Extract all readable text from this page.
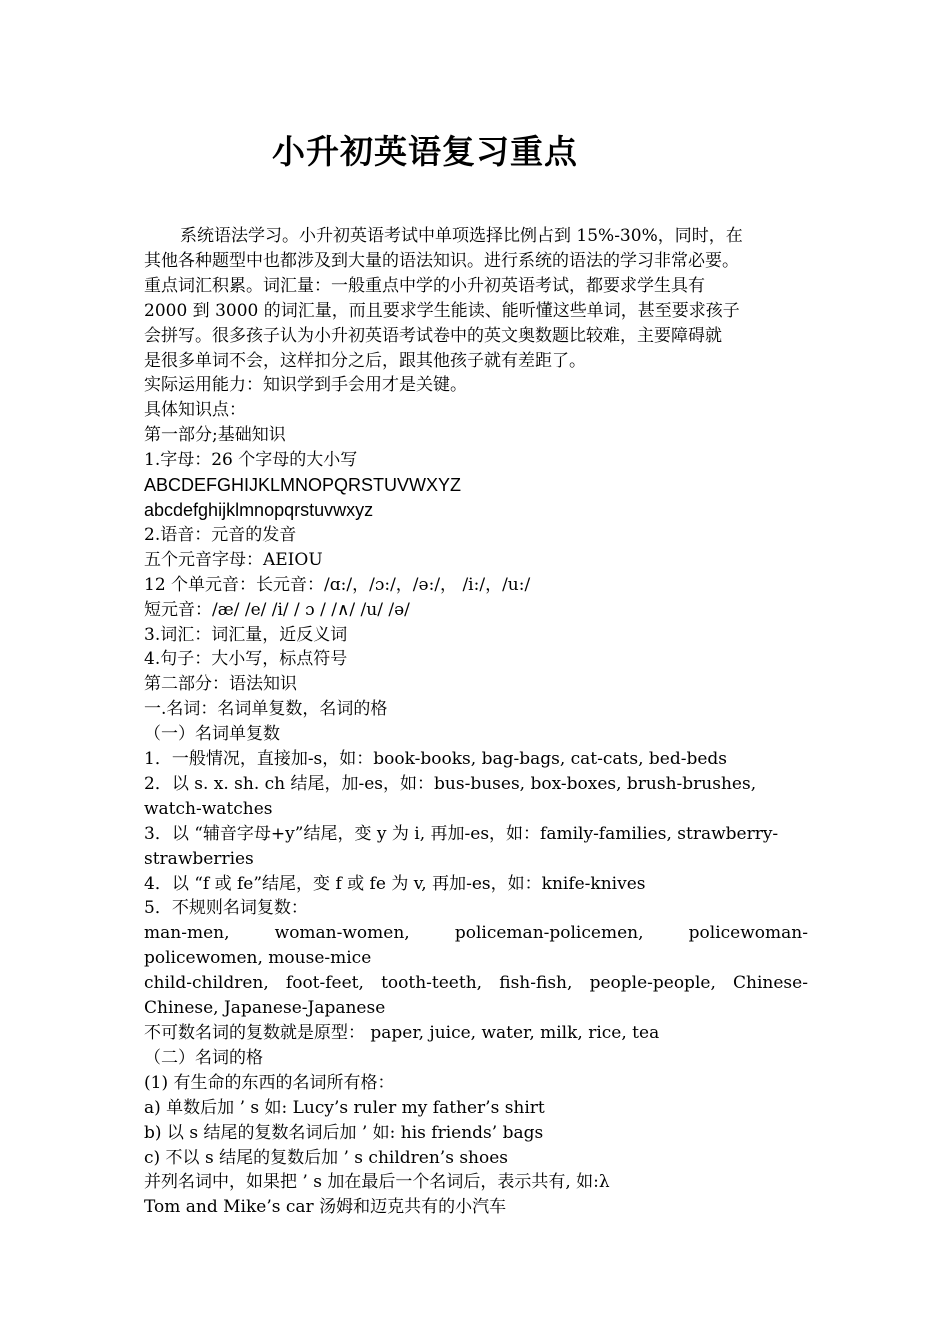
小升初英语复习重点
系统语法学习。小升初英语考试中单项选择比例占到 15%-30%，同时，在
其他各种题型中也都涉及到大量的语法知识。进行系统的语法的学习非常必要。
重点词汇积累。词汇量：一般重点中学的小升初英语考试，都要求学生具有
2000 到 3000 的词汇量，而且要求学生能读、能听懂这些单词，甚至要求孩子
会拼写。很多孩子认为小升初英语考试卷中的英文奥数题比较难，主要障碍就
是很多单词不会，这样扣分之后，跟其他孩子就有差距了。
实际运用能力：知识学到手会用才是关键。
具体知识点：
第一部分;基础知识
1.字母：26 个字母的大小写
ABCDEFGHIJKLMNOPQRSTUVWXYZ
abcdefghijklmnopqrstuvwxyz
2.语音：元音的发音
五个元音字母：AEIOU
12 个单元音：长元音：/ɑ:/，/ɔ:/，/ə:/， /i:/，/u:/
短元音：/æ/ /e/ /i/ / ɔ / /∧/ /u/ /ə/
3.词汇：词汇量，近反义词
4.句子：大小写，标点符号
第二部分：语法知识
一.名词：名词单复数，名词的格
（一）名词单复数
1．一般情况，直接加-s，如：book-books, bag-bags, cat-cats, bed-beds
2．以 s. x. sh. ch 结尾，加-es，如：bus-buses, box-boxes, brush-brushes,
watch-watches
3．以 “辅音字母+y”结尾，变 y 为 i, 再加-es，如：family-families, strawberry-
strawberries
4．以 “f 或 fe”结尾，变 f 或 fe 为 v, 再加-es，如：knife-knives
5．不规则名词复数：
man-men,	woman-women,	policeman-policemen,	policewoman-
policewomen, mouse-mice
child-children, foot-feet, tooth-teeth, fish-fish, people-people, Chinese-
Chinese, Japanese-Japanese
不可数名词的复数就是原型： paper, juice, water, milk, rice, tea
（二）名词的格
(1) 有生命的东西的名词所有格：
a) 单数后加 ’ s 如: Lucy’s ruler my father’s shirt
b) 以 s 结尾的复数名词后加 ’ 如: his friends’ bags
c) 不以 s 结尾的复数后加 ’ s children’s shoes
并列名词中，如果把 ’ s 加在最后一个名词后，表示共有, 如:λ
Tom and Mike’s car 汤姆和迈克共有的小汽车
